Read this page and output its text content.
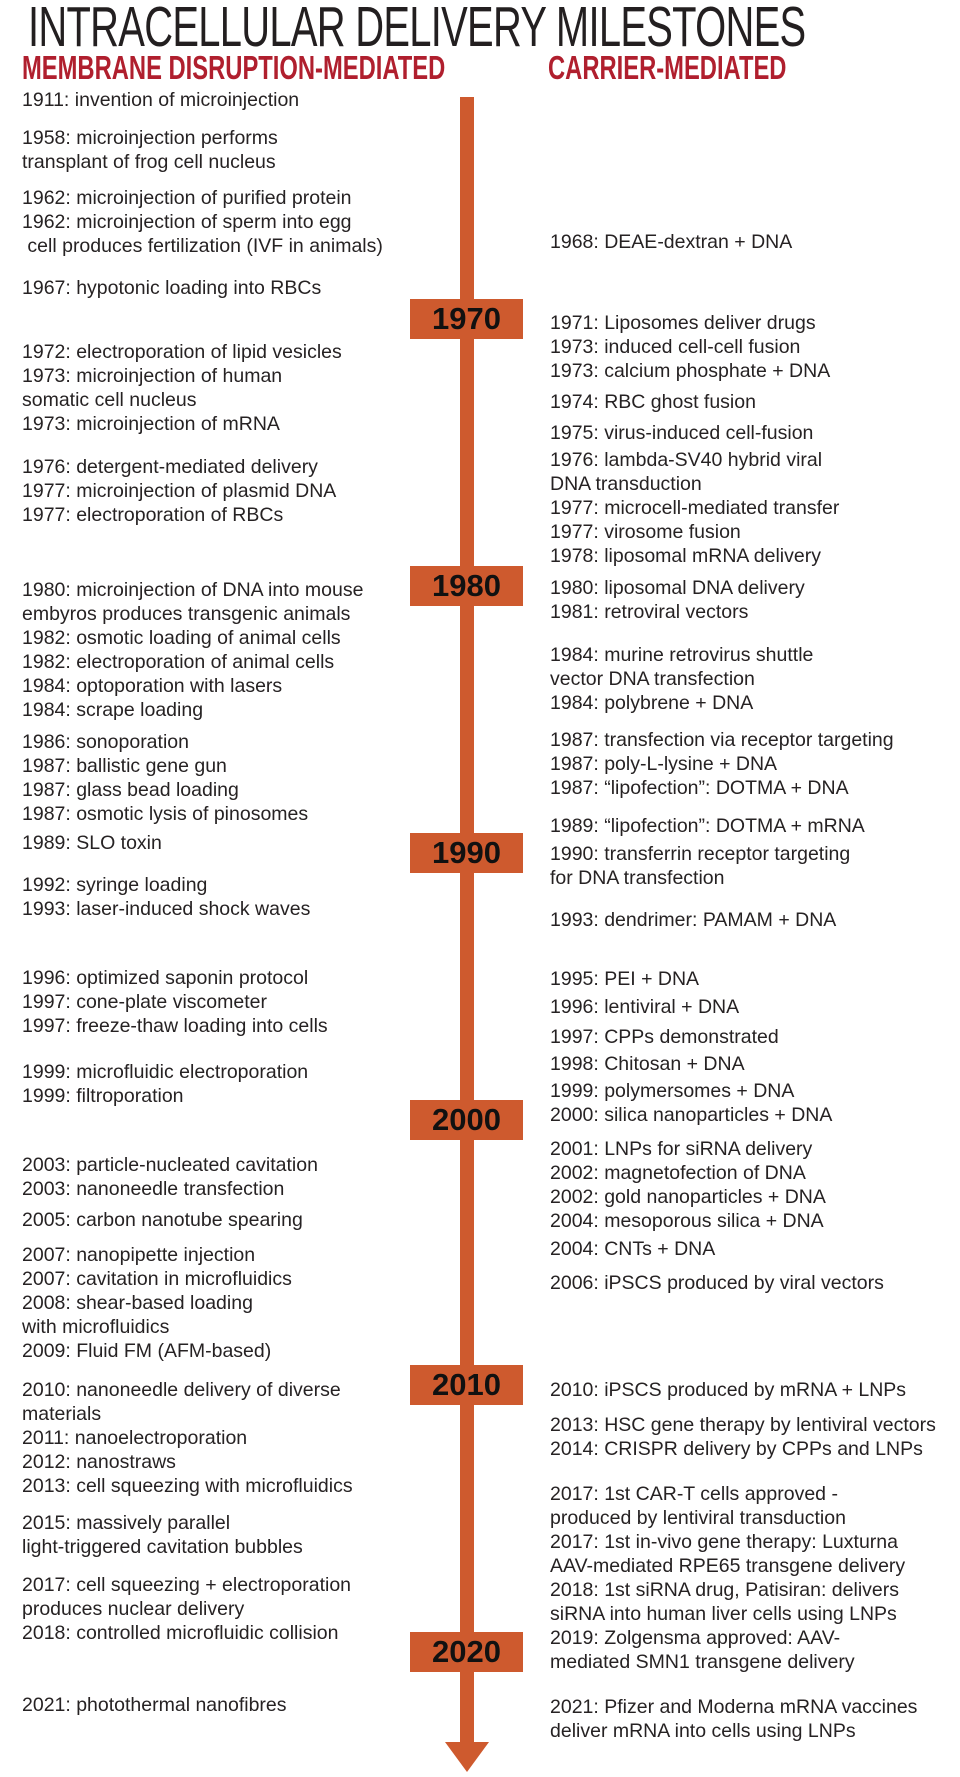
INTRACELLULAR DELIVERY MILESTONES
MEMBRANE DISRUPTION-MEDIATED	CARRIER-MEDIATED
1970
1980
1990
2000
2010
2020
1911: invention of microinjection
1958: microinjection performs
transplant of frog cell nucleus
1962: microinjection of purified protein
1962: microinjection of sperm into egg
cell produces fertilization (IVF in animals)
1967: hypotonic loading into RBCs
1972: electroporation of lipid vesicles
1973: microinjection of human
somatic cell nucleus
1973: microinjection of mRNA
1976: detergent-mediated delivery
1977: microinjection of plasmid DNA
1977: electroporation of RBCs
1980: microinjection of DNA into mouse
embyros produces transgenic animals
1982: osmotic loading of animal cells
1982: electroporation of animal cells
1984: optoporation with lasers
1984: scrape loading
1986: sonoporation
1987: ballistic gene gun
1987: glass bead loading
1987: osmotic lysis of pinosomes
1989: SLO toxin
1992: syringe loading
1993: laser-induced shock waves
1996: optimized saponin protocol
1997: cone-plate viscometer
1997: freeze-thaw loading into cells
1999: microfluidic electroporation
1999: filtroporation
2003: particle-nucleated cavitation
2003: nanoneedle transfection
2005: carbon nanotube spearing
2007: nanopipette injection
2007: cavitation in microfluidics
2008: shear-based loading
with microfluidics
2009: Fluid FM (AFM-based)
2010: nanoneedle delivery of diverse
materials
2011: nanoelectroporation
2012: nanostraws
2013: cell squeezing with microfluidics
2015: massively parallel
light-triggered cavitation bubbles
2017: cell squeezing + electroporation
produces nuclear delivery
2018: controlled microfluidic collision
2021: photothermal nanofibres
1968: DEAE-dextran + DNA
1971: Liposomes deliver drugs
1973: induced cell-cell fusion
1973: calcium phosphate + DNA
1974: RBC ghost fusion
1975: virus-induced cell-fusion
1976: lambda-SV40 hybrid viral
DNA transduction
1977: microcell-mediated transfer
1977: virosome fusion
1978: liposomal mRNA delivery
1980: liposomal DNA delivery
1981: retroviral vectors
1984: murine retrovirus shuttle
vector DNA transfection
1984: polybrene + DNA
1987: transfection via receptor targeting
1987: poly-L-lysine + DNA
1987: “lipofection”: DOTMA + DNA
1989: “lipofection”: DOTMA + mRNA
1990: transferrin receptor targeting
for DNA transfection
1993: dendrimer: PAMAM + DNA
1995: PEI + DNA
1996: lentiviral + DNA
1997: CPPs demonstrated
1998: Chitosan + DNA
1999: polymersomes + DNA
2000: silica nanoparticles + DNA
2001: LNPs for siRNA delivery
2002: magnetofection of DNA
2002: gold nanoparticles + DNA
2004: mesoporous silica + DNA
2004: CNTs + DNA
2006: iPSCS produced by viral vectors
2010: iPSCS produced by mRNA + LNPs
2013: HSC gene therapy by lentiviral vectors
2014: CRISPR delivery by CPPs and LNPs
2017: 1st CAR-T cells approved -
produced by lentiviral transduction
2017: 1st in-vivo gene therapy: Luxturna
AAV-mediated RPE65 transgene delivery
2018: 1st siRNA drug, Patisiran: delivers
siRNA into human liver cells using LNPs
2019: Zolgensma approved: AAV-
mediated SMN1 transgene delivery
2021: Pfizer and Moderna mRNA vaccines
deliver mRNA into cells using LNPs
